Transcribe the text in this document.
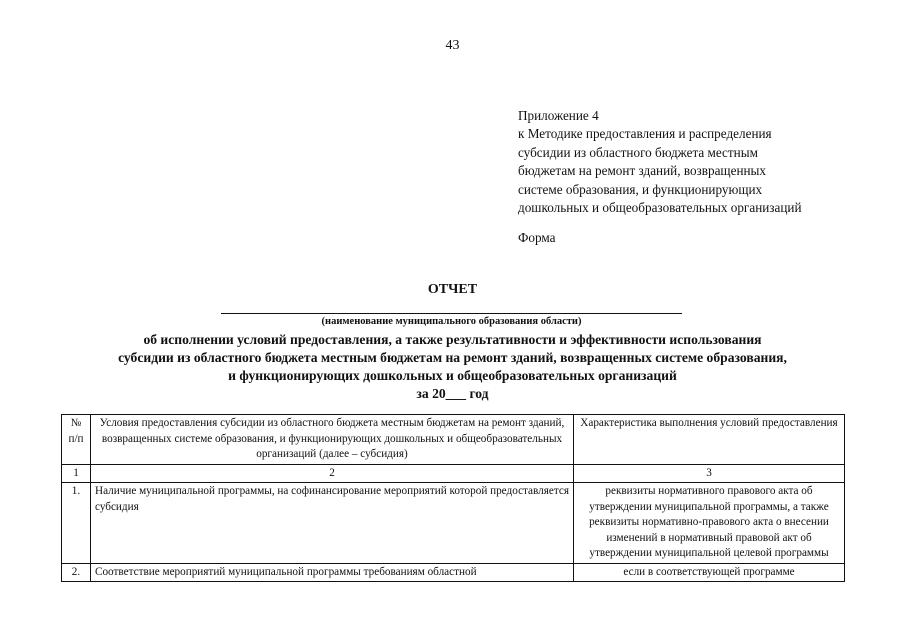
43
Приложение 4
к Методике предоставления и распределения
субсидии из областного бюджета местным
бюджетам на ремонт зданий, возвращенных
системе образования, и функционирующих
дошкольных и общеобразовательных организаций
Форма
ОТЧЕТ
(наименование муниципального образования области)
об исполнении условий предоставления, а также результативности и эффективности использования
субсидии из областного бюджета местным бюджетам на ремонт зданий, возвращенных системе образования,
и функционирующих дошкольных и общеобразовательных организаций
за 20___ год
№ п/п	Условия предоставления субсидии из областного бюджета местным бюджетам на ремонт зданий, возвращенных системе образования, и функционирующих дошкольных и общеобразовательных организаций (далее – субсидия)	Характеристика выполнения условий предоставления
1	2	3
1.	Наличие муниципальной программы, на софинансирование мероприятий которой предоставляется субсидия	реквизиты нормативного правового акта об утверждении муниципальной программы, а также реквизиты нормативно-правового акта о внесении изменений в нормативный правовой акт об утверждении муниципальной целевой программы
2.	Соответствие мероприятий муниципальной программы требованиям областной	если в соответствующей программе
